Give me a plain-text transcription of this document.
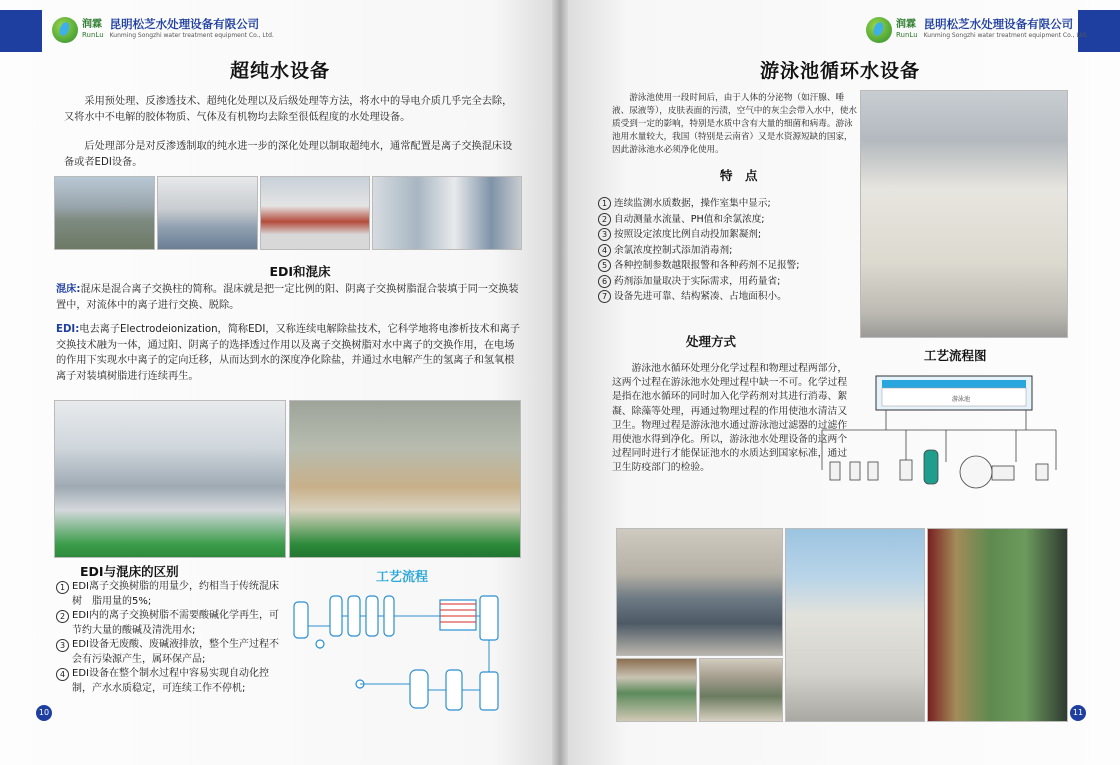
润霖
RunLu
昆明松芝水处理设备有限公司
Kunming Songzhi water treatment equipment Co., Ltd.
超纯水设备

采用预处理、反渗透技术、超纯化处理以及后级处理等方法，将水中的导电介质几乎完全去除，又将水中不电解的胶体物质、气体及有机物均去除至很低程度的水处理设备。

后处理部分是对反渗透制取的纯水进一步的深化处理以制取超纯水，通常配置是离子交换混床设备或者EDI设备。

EDI和混床

混床:混床是混合离子交换柱的简称。混床就是把一定比例的阳、阴离子交换树脂混合装填于同一交换装置中，对流体中的离子进行交换、脱除。

EDI:电去离子Electrodeionization，简称EDI，又称连续电解除盐技术，它科学地将电渗析技术和离子交换技术融为一体，通过阳、阴离子的选择透过作用以及离子交换树脂对水中离子的交换作用，在电场的作用下实现水中离子的定向迁移，从而达到水的深度净化除盐，并通过水电解产生的氢离子和氢氧根离子对装填树脂进行连续再生。

EDI与混床的区别
1 EDI离子交换树脂的用量少，约相当于传统混床树　脂用量的5%;
2 EDI内的离子交换树脂不需要酸碱化学再生，可节约大量的酸碱及清洗用水;
3 EDI设备无废酸、废碱液排放，整个生产过程不会有污染源产生，属环保产品;
4 EDI设备在整个制水过程中容易实现自动化控制，产水水质稳定，可连续工作不停机;
工艺流程
10
润霖
RunLu
昆明松芝水处理设备有限公司
Kunming Songzhi water treatment equipment Co., Ltd.
游泳池循环水设备

游泳池使用一段时间后，由于人体的分泌物（如汗腺、唾液、尿液等），皮肤表面的污渍，空气中的灰尘会带入水中，使水质受到一定的影响，特别是水质中含有大量的细菌和病毒。游泳池用水量较大，我国（特别是云南省）又是水资源短缺的国家，因此游泳池水必须净化使用。

特　点
1 连续监测水质数据，操作室集中显示;
2 自动测量水流量、PH值和余氯浓度;
3 按照设定浓度比例自动投加絮凝剂;
4 余氯浓度控制式添加消毒剂;
5 各种控制参数越限报警和各种药剂不足报警;
6 药剂添加量取决于实际需求，用药量省;
7 设备先进可靠、结构紧凑、占地面积小。
处理方式
工艺流程图

游泳池水循环处理分化学过程和物理过程两部分，这两个过程在游泳池水处理过程中缺一不可。化学过程是指在池水循环的同时加入化学药剂对其进行消毒、絮凝、除藻等处理，再通过物理过程的作用使池水清洁又卫生。物理过程是游泳池水通过游泳池过滤器的过滤作用使池水得到净化。所以，游泳池水处理设备的这两个过程同时进行才能保证池水的水质达到国家标准，通过卫生防疫部门的检验。

游泳池
11
